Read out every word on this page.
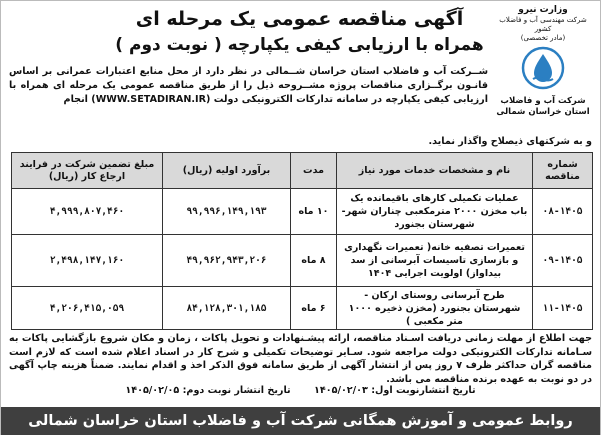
وزارت نیرو
شرکت مهندسی آب و فاضلاب کشور
(مادر تخصصی)
شرکت آب و فاضلاب
استان خراسان شمالی
آگهی مناقصه عمومی یک مرحله ای
همراه با ارزیابی کیفی یکپارچه ( نوبت دوم )
شــرکت آب و فاضلاب استان خراسان شــمالی در نظر دارد از محل منابع اعتبارات عمرانی بر اساس قانـون برگــزاری مناقصات پروژه مشــروحه ذیل را از طریق مناقصه عمومی یک مرحله ای همراه با ارزیابی کیفی یکپارچه در سامانه تدارکات الکترونیکی دولت (WWW.SETADIRAN.IR) انجام
و به شرکتهای ذیصلاح واگذار نماید.
شماره مناقصه	نام و مشخصات خدمات مورد نیاز	مدت	برآورد اولیه (ریال)	مبلغ تضمین شرکت در فرایند ارجاع کار (ریال)
۰۸-۱۴۰۵	عملیات تکمیلی کارهای باقیمانده یک باب مخزن ۲۰۰۰ مترمکعبی چناران شهر-شهرستان بجنورد	۱۰ ماه	۹۹,۹۹۶,۱۴۹,۱۹۳	۴,۹۹۹,۸۰۷,۴۶۰
۰۹-۱۴۰۵	تعمیرات تصفیه خانه( تعمیرات نگهداری و بازسازی تاسیسات آبرسانی از سد بیداواز) اولویت اجرایی ۱۴۰۴	۸ ماه	۴۹,۹۶۲,۹۴۳,۲۰۶	۲,۴۹۸,۱۴۷,۱۶۰
۱۱-۱۴۰۵	طرح آبرسانی روستای ارکان - شهرستان بجنورد (مخزن ذخیره ۱۰۰۰ متر مکعبی )	۶ ماه	۸۴,۱۲۸,۳۰۱,۱۸۵	۴,۲۰۶,۴۱۵,۰۵۹
جهت اطلاع از مهلت زمانی دریافت اسـناد مناقصه، ارائه پیشـنهادات و تحویل پاکات ، زمان و مکان شروع بازگشایی پاکات به سـامانه تدارکات الکترونیکی دولت مراجعه شود. سـایر توضیحات تکمیلی و شرح کار در اسناد اعلام شده است که لازم است مناقصه گران حداکثر ظرف ۷ روز پس از انتشار آگهی از طریق سامانه فوق الذکر اخذ و اقدام نمایند. ضمناً هزینه چاپ آگهی در دو نوبت به عهده برنده مناقصه می باشد.
تاریخ انتشارنوبت اول: ۱۴۰۵/۰۲/۰۳ تاریخ انتشار نوبت دوم: ۱۴۰۵/۰۲/۰۵
روابط عمومی و آموزش همگانی شرکت آب و فاضلاب استان خراسان شمالی
